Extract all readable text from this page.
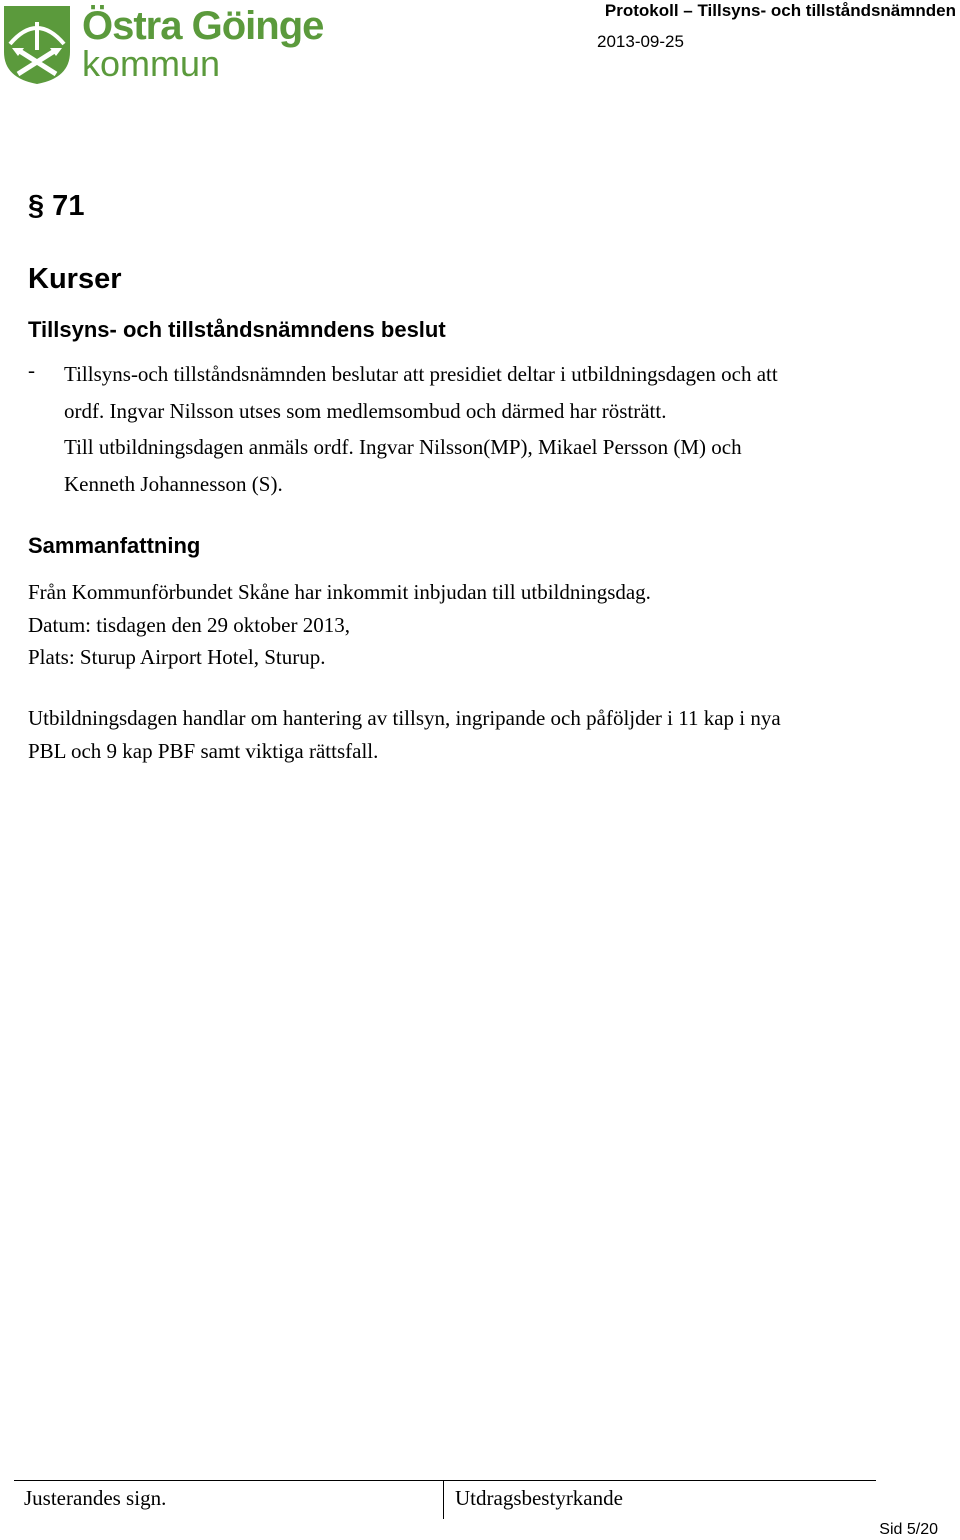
Östra Göinge
kommun
Protokoll – Tillsyns- och tillståndsnämnden
2013-09-25
§ 71
Kurser
Tillsyns- och tillståndsnämndens beslut
- Tillsyns-och tillståndsnämnden beslutar att presidiet deltar i utbildningsdagen och att
ordf. Ingvar Nilsson utses som medlemsombud och därmed har rösträtt.
Till utbildningsdagen anmäls ordf. Ingvar Nilsson(MP), Mikael Persson (M) och
Kenneth Johannesson (S).
Sammanfattning
Från Kommunförbundet Skåne har inkommit inbjudan till utbildningsdag.
Datum: tisdagen den 29 oktober 2013,
Plats: Sturup Airport Hotel, Sturup.
Utbildningsdagen handlar om hantering av tillsyn, ingripande och påföljder i 11 kap i nya
PBL och 9 kap PBF samt viktiga rättsfall.
Justerandes sign.	Utdragsbestyrkande
Sid 5/20
